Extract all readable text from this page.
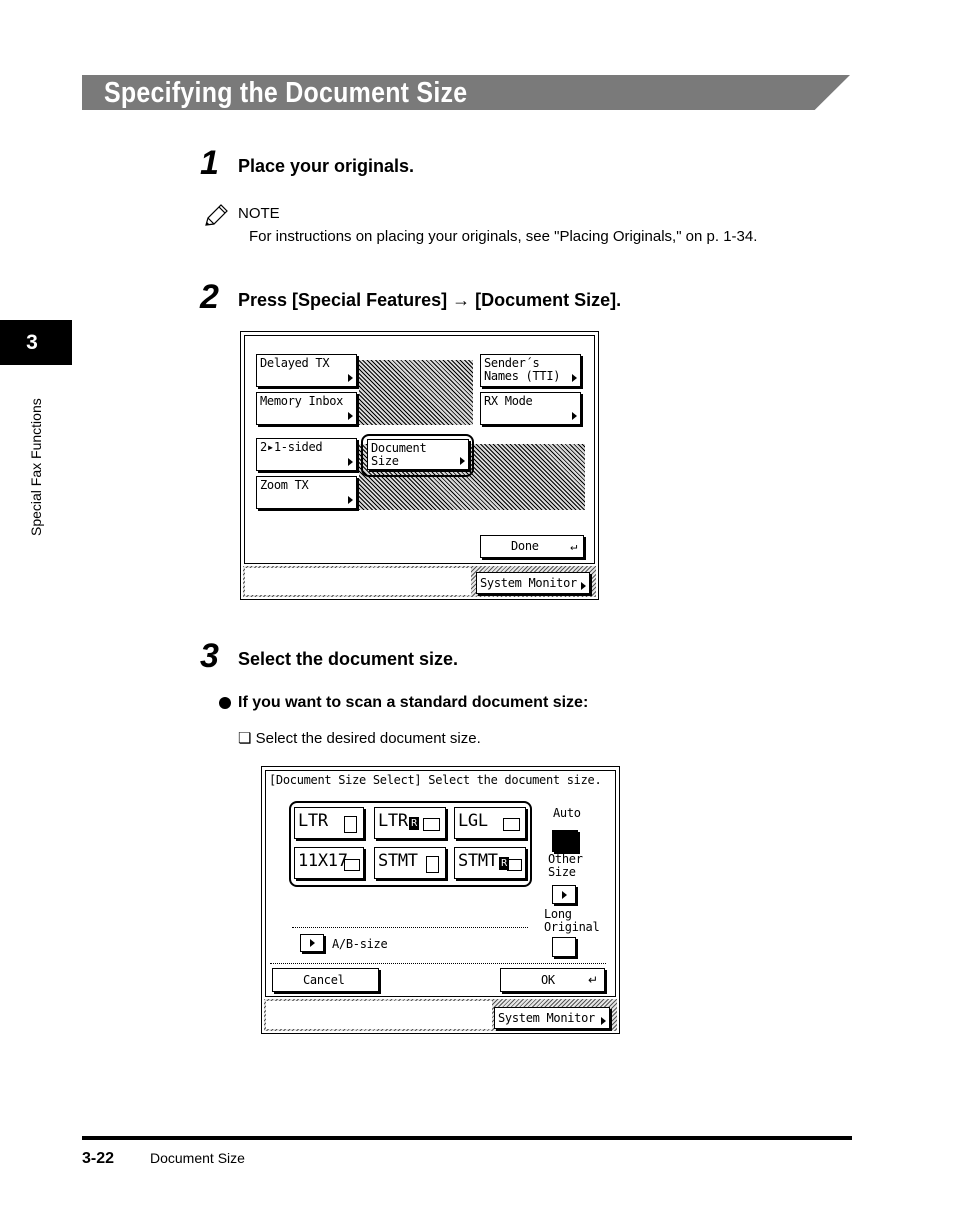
Specifying the Document Size
3
Special Fax Functions
1 Place your originals.
NOTE
For instructions on placing your originals, see "Placing Originals," on p. 1-34.
2 Press [Special Features] → [Document Size].
Delayed TX
Memory Inbox
2▸1-sided
Zoom TX
Document
Size
Sender´s
Names (TTI)
RX Mode
Done	↵
System Monitor
3 Select the document size.
If you want to scan a standard document size:
❏ Select the desired document size.
[Document Size Select] Select the document size.
LTR	LTR R LGL
11X17 STMT STMT R
Auto
Other
Size
Long
Original
A/B-size
Cancel	OK	↵
System Monitor
3-22	Document Size
